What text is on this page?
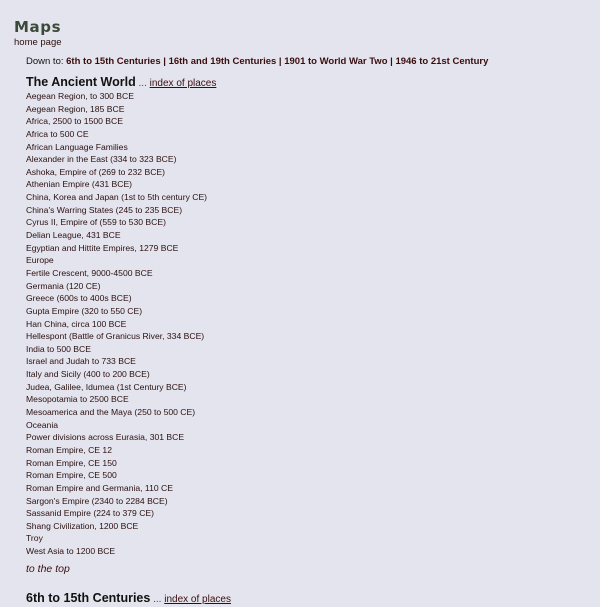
Maps
home page
Down to: 6th to 15th Centuries | 16th and 19th Centuries | 1901 to World War Two | 1946 to 21st Century
The Ancient World ... index of places
Aegean Region, to 300 BCE
Aegean Region, 185 BCE
Africa, 2500 to 1500 BCE
Africa to 500 CE
African Language Families
Alexander in the East (334 to 323 BCE)
Ashoka, Empire of (269 to 232 BCE)
Athenian Empire (431 BCE)
China, Korea and Japan (1st to 5th century CE)
China's Warring States (245 to 235 BCE)
Cyrus II, Empire of (559 to 530 BCE)
Delian League, 431 BCE
Egyptian and Hittite Empires, 1279 BCE
Europe
Fertile Crescent, 9000-4500 BCE
Germania (120 CE)
Greece (600s to 400s BCE)
Gupta Empire (320 to 550 CE)
Han China, circa 100 BCE
Hellespont (Battle of Granicus River, 334 BCE)
India to 500 BCE
Israel and Judah to 733 BCE
Italy and Sicily (400 to 200 BCE)
Judea, Galilee, Idumea (1st Century BCE)
Mesopotamia to 2500 BCE
Mesoamerica and the Maya (250 to 500 CE)
Oceania
Power divisions across Eurasia, 301 BCE
Roman Empire, CE 12
Roman Empire, CE 150
Roman Empire, CE 500
Roman Empire and Germania, 110 CE
Sargon's Empire (2340 to 2284 BCE)
Sassanid Empire (224 to 379 CE)
Shang Civilization, 1200 BCE
Troy
West Asia to 1200 BCE
to the top
6th to 15th Centuries ... index of places
